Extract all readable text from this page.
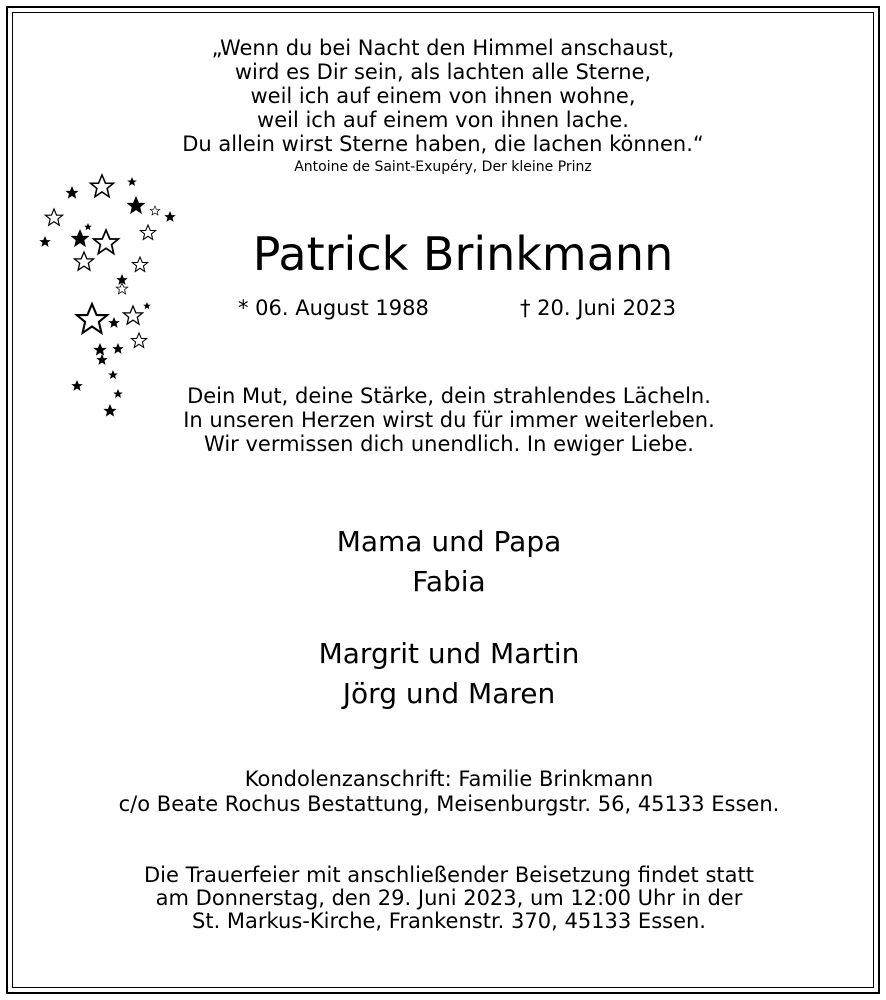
„Wenn du bei Nacht den Himmel anschaust,
wird es Dir sein, als lachten alle Sterne,
weil ich auf einem von ihnen wohne,
weil ich auf einem von ihnen lache.
Du allein wirst Sterne haben, die lachen können.“
Antoine de Saint-Exupéry, Der kleine Prinz
Patrick Brinkmann
* 06. August 1988	† 20. Juni 2023
Dein Mut, deine Stärke, dein strahlendes Lächeln.
In unseren Herzen wirst du für immer weiterleben.
Wir vermissen dich unendlich. In ewiger Liebe.
Mama und Papa
Fabia
Margrit und Martin
Jörg und Maren
Kondolenzanschrift: Familie Brinkmann
c/o Beate Rochus Bestattung, Meisenburgstr. 56, 45133 Essen.
Die Trauerfeier mit anschließender Beisetzung findet statt
am Donnerstag, den 29. Juni 2023, um 12:00 Uhr in der
St. Markus-Kirche, Frankenstr. 370, 45133 Essen.
